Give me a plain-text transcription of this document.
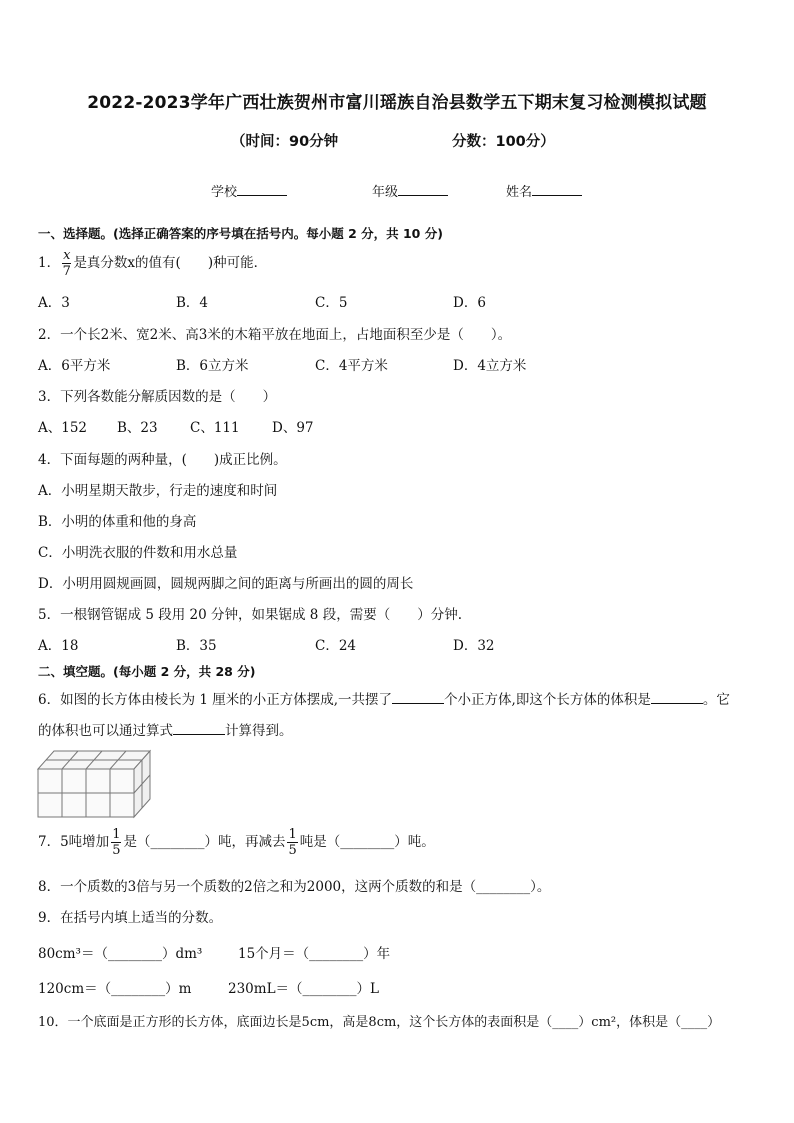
2022-2023学年广西壮族贺州市富川瑶族自治县数学五下期末复习检测模拟试题
（时间：90分钟	分数：100分）
学校	年级	姓名
一、选择题。(选择正确答案的序号填在括号内。每小题 2 分，共 10 分)
1． $\frac{x}{7}$ 是真分数x的值有(　　)种可能．
A．3	B．4	C．5	D．6
2．一个长2米、宽2米、高3米的木箱平放在地面上，占地面积至少是（　　）。
A．6平方米	B．6立方米	C．4平方米	D．4立方米
3．下列各数能分解质因数的是（　　）
A、152 B、23 C、111 D、97
4．下面每题的两种量，(　　)成正比例。
A．小明星期天散步，行走的速度和时间
B．小明的体重和他的身高
C．小明洗衣服的件数和用水总量
D．小明用圆规画圆，圆规两脚之间的距离与所画出的圆的周长
5．一根钢管锯成 5 段用 20 分钟，如果锯成 8 段，需要（　　）分钟.
A．18	B．35	C．24	D．32
二、填空题。(每小题 2 分，共 28 分)
6．如图的长方体由棱长为 1 厘米的小正方体摆成,一共摆了	个小正方体,即这个长方体的体积是	。它
的体积也可以通过算式	计算得到。
7．5吨增加 $\frac{1}{5}$ 是（________）吨，再减去 $\frac{1}{5}$ 吨是（________）吨。
8．一个质数的3倍与另一个质数的2倍之和为2000，这两个质数的和是（________）。
9．在括号内填上适当的分数。
80cm³＝（________）dm³	15个月＝（________）年
120cm＝（________）m	230mL＝（________）L
10．一个底面是正方形的长方体，底面边长是5cm，高是8cm，这个长方体的表面积是（____）cm²，体积是（____）
